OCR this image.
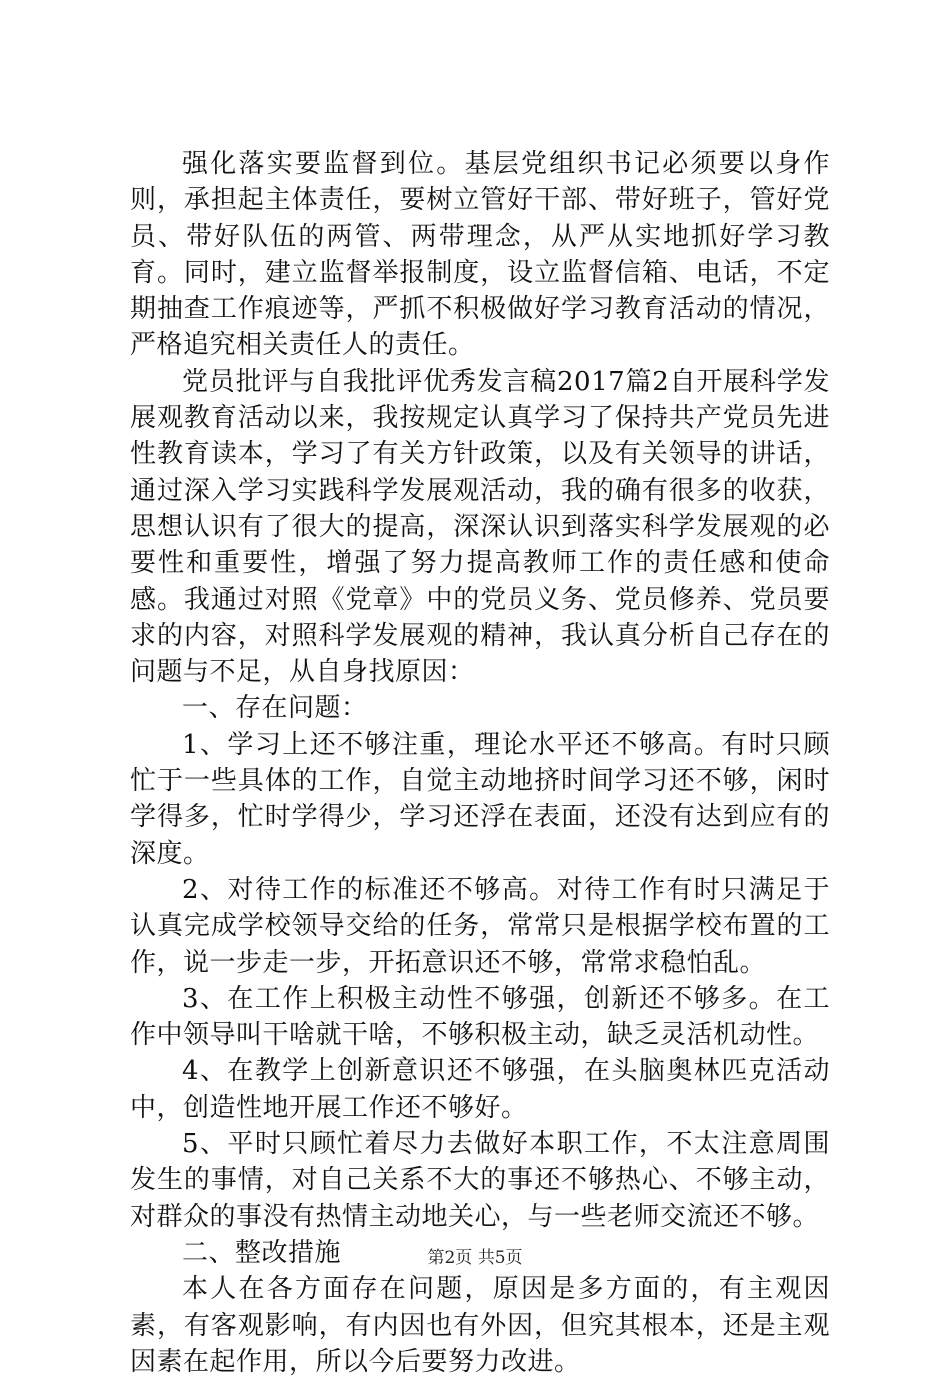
强化落实要监督到位。基层党组织书记必须要以身作则，承担起主体责任，要树立管好干部、带好班子，管好党员、带好队伍的两管、两带理念，从严从实地抓好学习教育。同时，建立监督举报制度，设立监督信箱、电话，不定期抽查工作痕迹等，严抓不积极做好学习教育活动的情况，严格追究相关责任人的责任。

党员批评与自我批评优秀发言稿2017篇2自开展科学发展观教育活动以来，我按规定认真学习了保持共产党员先进性教育读本，学习了有关方针政策，以及有关领导的讲话，通过深入学习实践科学发展观活动，我的确有很多的收获，思想认识有了很大的提高，深深认识到落实科学发展观的必要性和重要性，增强了努力提高教师工作的责任感和使命感。我通过对照《党章》中的党员义务、党员修养、党员要求的内容，对照科学发展观的精神，我认真分析自己存在的问题与不足，从自身找原因：

一、存在问题：

1、学习上还不够注重，理论水平还不够高。有时只顾忙于一些具体的工作，自觉主动地挤时间学习还不够，闲时学得多，忙时学得少，学习还浮在表面，还没有达到应有的深度。

2、对待工作的标准还不够高。对待工作有时只满足于认真完成学校领导交给的任务，常常只是根据学校布置的工作，说一步走一步，开拓意识还不够，常常求稳怕乱。

3、在工作上积极主动性不够强，创新还不够多。在工作中领导叫干啥就干啥，不够积极主动，缺乏灵活机动性。

4、在教学上创新意识还不够强，在头脑奥林匹克活动中，创造性地开展工作还不够好。

5、平时只顾忙着尽力去做好本职工作，不太注意周围发生的事情，对自己关系不大的事还不够热心、不够主动，对群众的事没有热情主动地关心，与一些老师交流还不够。

二、整改措施

本人在各方面存在问题，原因是多方面的，有主观因素，有客观影响，有内因也有外因，但究其根本，还是主观因素在起作用，所以今后要努力改进。

第2页 共5页
